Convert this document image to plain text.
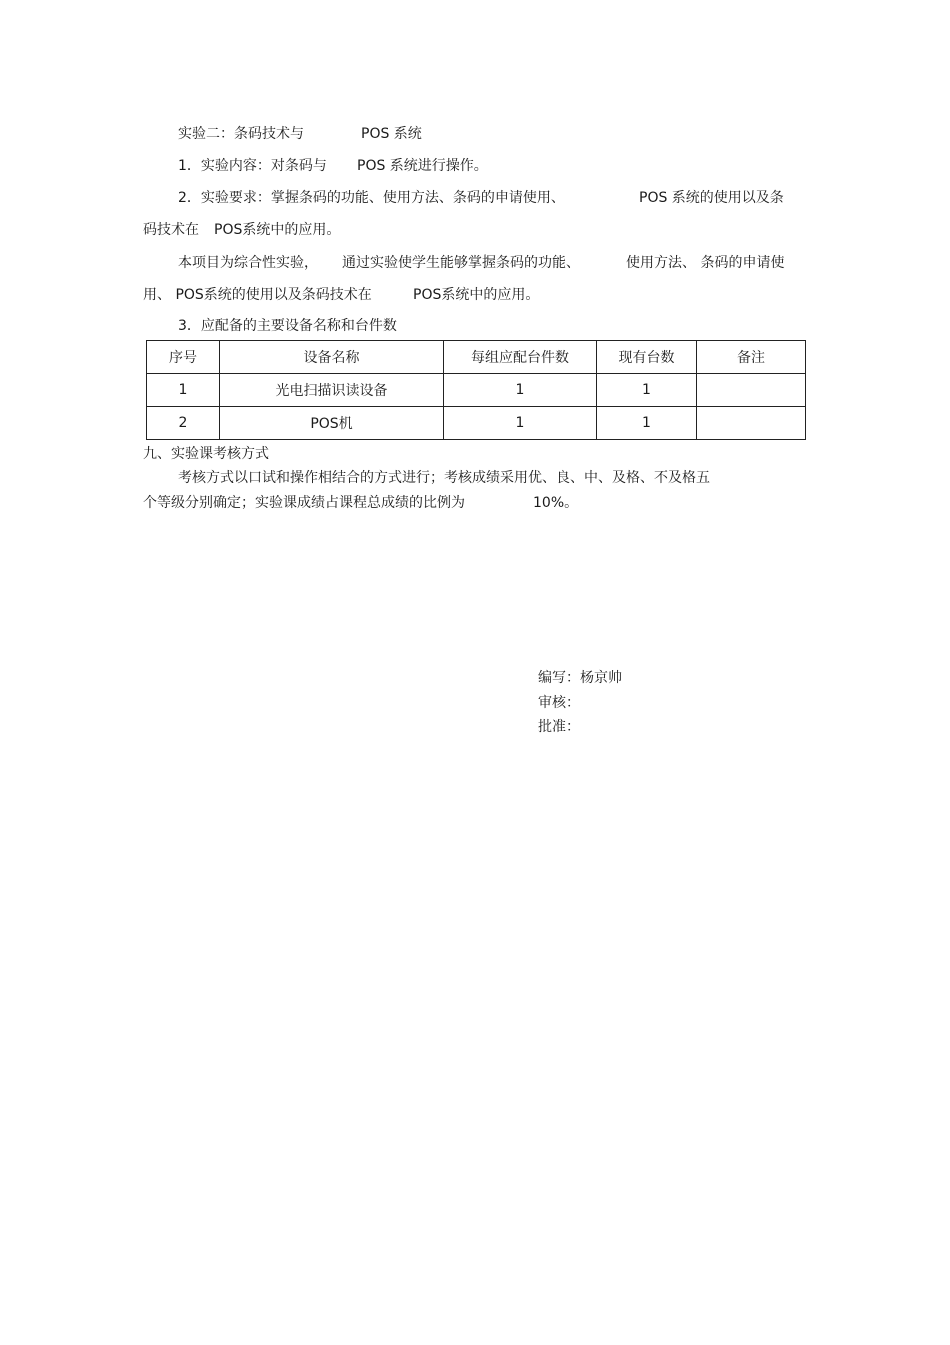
实验二：条码技术与	POS 系统
1．实验内容：对条码与 POS 系统进行操作。
2．实验要求：掌握条码的功能、使用方法、条码的申请使用、	POS 系统的使用以及条
码技术在 POS系统中的应用。
本项目为综合性实验， 通过实验使学生能够掌握条码的功能、	使用方法、 条码的申请使
用、 POS系统的使用以及条码技术在	POS系统中的应用。
3．应配备的主要设备名称和台件数
序号	设备名称	每组应配台件数	现有台数	备注
1	光电扫描识读设备	1	1	
2	POS机	1	1	
九、实验课考核方式
考核方式以口试和操作相结合的方式进行；考核成绩采用优、良、中、及格、不及格五
个等级分别确定；实验课成绩占课程总成绩的比例为	10%。
编写：杨京帅
审核：
批准：
